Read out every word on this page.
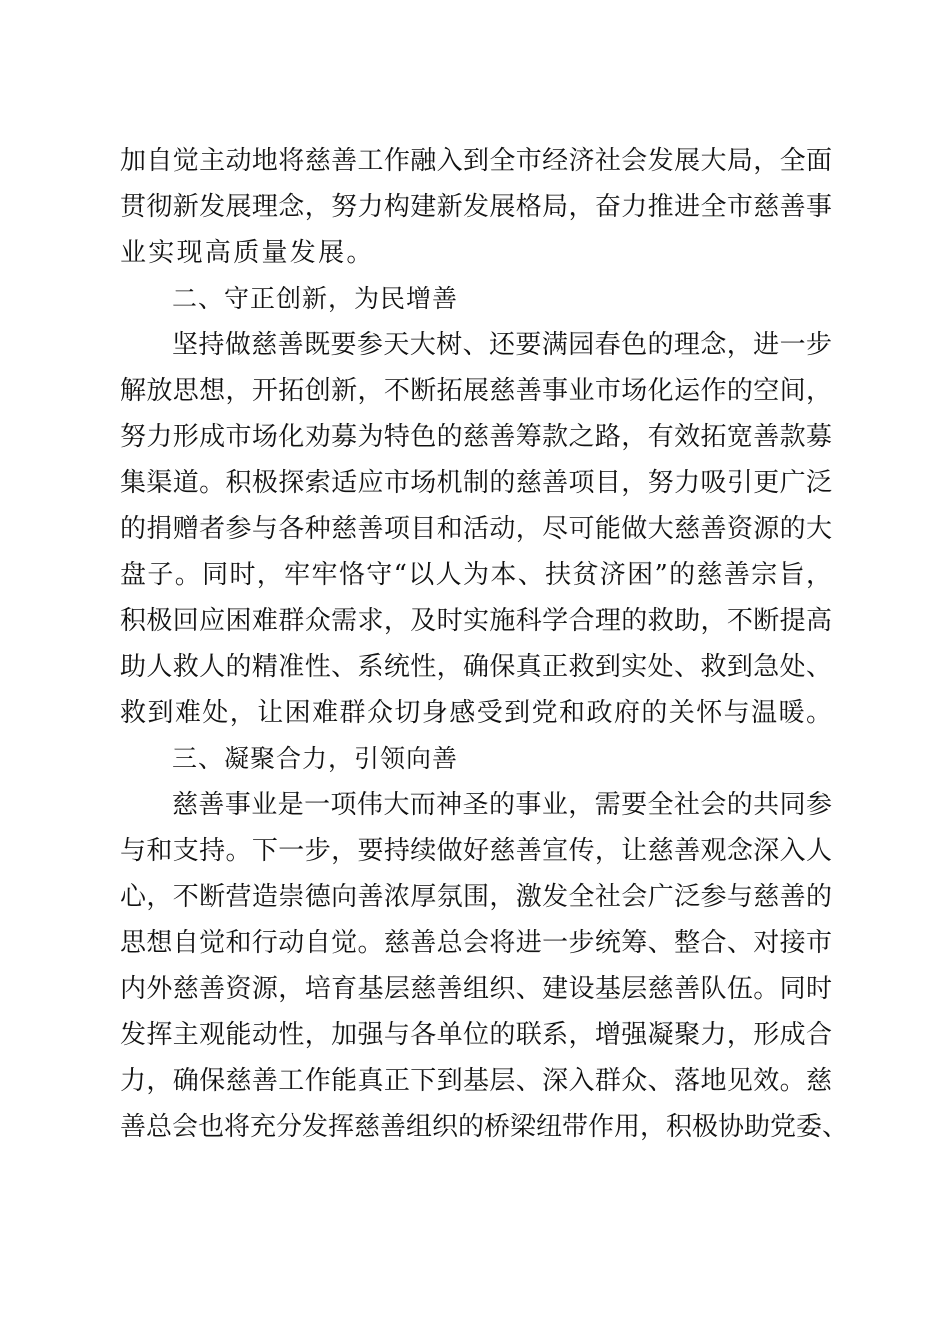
加自觉主动地将慈善工作融入到全市经济社会发展大局，全面
贯彻新发展理念，努力构建新发展格局，奋力推进全市慈善事
业实现高质量发展。
二、守正创新，为民增善
坚持做慈善既要参天大树、还要满园春色的理念，进一步
解放思想，开拓创新，不断拓展慈善事业市场化运作的空间，
努力形成市场化劝募为特色的慈善筹款之路，有效拓宽善款募
集渠道。积极探索适应市场机制的慈善项目，努力吸引更广泛
的捐赠者参与各种慈善项目和活动，尽可能做大慈善资源的大
盘子。同时，牢牢恪守“以人为本、扶贫济困”的慈善宗旨，
积极回应困难群众需求，及时实施科学合理的救助，不断提高
助人救人的精准性、系统性，确保真正救到实处、救到急处、
救到难处，让困难群众切身感受到党和政府的关怀与温暖。
三、凝聚合力，引领向善
慈善事业是一项伟大而神圣的事业，需要全社会的共同参
与和支持。下一步，要持续做好慈善宣传，让慈善观念深入人
心，不断营造崇德向善浓厚氛围，激发全社会广泛参与慈善的
思想自觉和行动自觉。慈善总会将进一步统筹、整合、对接市
内外慈善资源，培育基层慈善组织、建设基层慈善队伍。同时
发挥主观能动性，加强与各单位的联系，增强凝聚力，形成合
力，确保慈善工作能真正下到基层、深入群众、落地见效。慈
善总会也将充分发挥慈善组织的桥梁纽带作用，积极协助党委、
